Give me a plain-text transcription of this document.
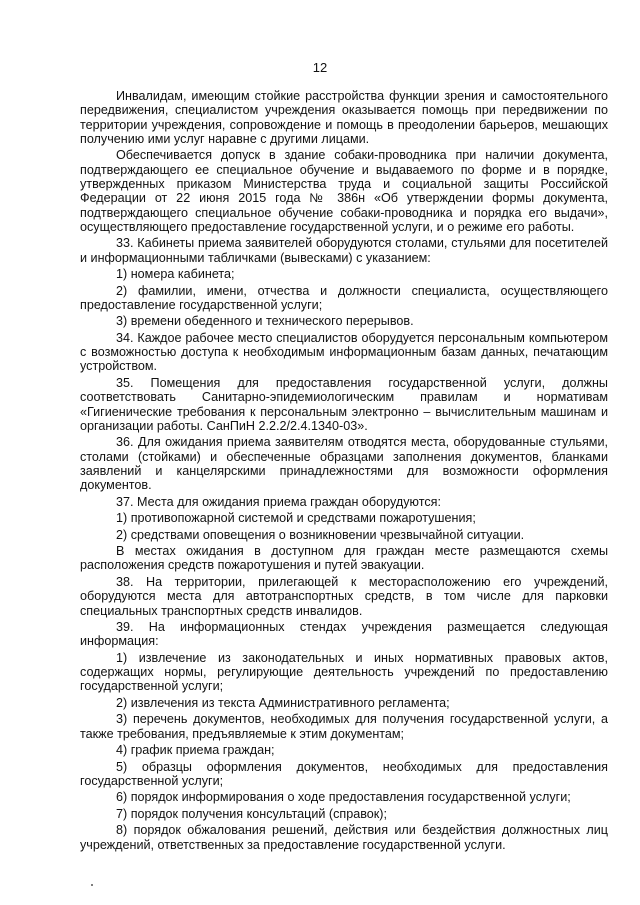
12

Инвалидам, имеющим стойкие расстройства функции зрения и самостоятельного передвижения, специалистом учреждения оказывается помощь при передвижении по территории учреждения, сопровождение и помощь в преодолении барьеров, мешающих получению ими услуг наравне с другими лицами.

Обеспечивается допуск в здание собаки-проводника при наличии документа, подтверждающего ее специальное обучение и выдаваемого по форме и в порядке, утвержденных приказом Министерства труда и социальной защиты Российской Федерации от 22 июня 2015 года № 386н «Об утверждении формы документа, подтверждающего специальное обучение собаки-проводника и порядка его выдачи», осуществляющего предоставление государственной услуги, и о режиме его работы.

33. Кабинеты приема заявителей оборудуются столами, стульями для посетителей и информационными табличками (вывесками) с указанием:

1) номера кабинета;

2) фамилии, имени, отчества и должности специалиста, осуществляющего предоставление государственной услуги;

3) времени обеденного и технического перерывов.

34. Каждое рабочее место специалистов оборудуется персональным компьютером с возможностью доступа к необходимым информационным базам данных, печатающим устройством.

35. Помещения для предоставления государственной услуги, должны соответствовать Санитарно-эпидемиологическим правилам и нормативам «Гигиенические требования к персональным электронно – вычислительным машинам и организации работы. СанПиН 2.2.2/2.4.1340-03».

36. Для ожидания приема заявителям отводятся места, оборудованные стульями, столами (стойками) и обеспеченные образцами заполнения документов, бланками заявлений и канцелярскими принадлежностями для возможности оформления документов.

37. Места для ожидания приема граждан оборудуются:

1) противопожарной системой и средствами пожаротушения;

2) средствами оповещения о возникновении чрезвычайной ситуации.

В местах ожидания в доступном для граждан месте размещаются схемы расположения средств пожаротушения и путей эвакуации.

38. На территории, прилегающей к месторасположению его учреждений, оборудуются места для автотранспортных средств, в том числе для парковки специальных транспортных средств инвалидов.

39. На информационных стендах учреждения размещается следующая информация:

1) извлечение из законодательных и иных нормативных правовых актов, содержащих нормы, регулирующие деятельность учреждений по предоставлению государственной услуги;

2) извлечения из текста Административного регламента;

3) перечень документов, необходимых для получения государственной услуги, а также требования, предъявляемые к этим документам;

4) график приема граждан;

5) образцы оформления документов, необходимых для предоставления государственной услуги;

6) порядок информирования о ходе предоставления государственной услуги;

7) порядок получения консультаций (справок);

8) порядок обжалования решений, действия или бездействия должностных лиц учреждений, ответственных за предоставление государственной услуги.
